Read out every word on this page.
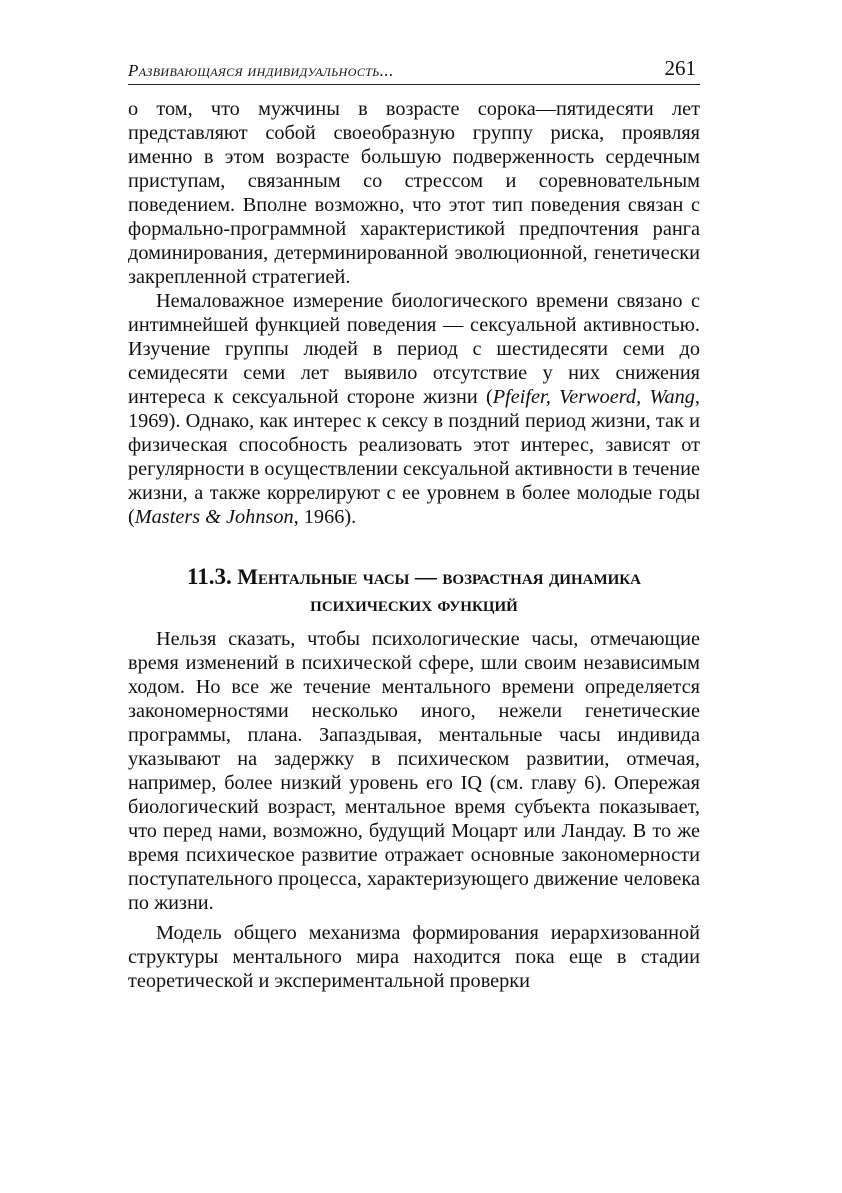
Развивающаяся индивидуальность...	261

о том, что мужчины в возрасте сорока—пятидесяти лет представляют собой своеобразную группу риска, проявляя именно в этом возрасте большую подверженность сердечным приступам, связанным со стрессом и соревновательным поведением. Вполне возможно, что этот тип поведения связан с формально-программной характеристикой предпочтения ранга доминирования, детерминированной эволюционной, генетически закрепленной стратегией.

Немаловажное измерение биологического времени связано с интимнейшей функцией поведения — сексуальной активностью. Изучение группы людей в период с шестидесяти семи до семидесяти семи лет выявило отсутствие у них снижения интереса к сексуальной стороне жизни (Pfeifer, Verwoerd, Wang, 1969). Однако, как интерес к сексу в поздний период жизни, так и физическая способность реализовать этот интерес, зависят от регулярности в осуществлении сексуальной активности в течение жизни, а также коррелируют с ее уровнем в более молодые годы (Masters & Johnson, 1966).

11.3. Ментальные часы — возрастная динамика
психических функций

Нельзя сказать, чтобы психологические часы, отмечающие время изменений в психической сфере, шли своим независимым ходом. Но все же течение ментального времени определяется закономерностями несколько иного, нежели генетические программы, плана. Запаздывая, ментальные часы индивида указывают на задержку в психическом развитии, отмечая, например, более низкий уровень его IQ (см. главу 6). Опережая биологический возраст, ментальное время субъекта показывает, что перед нами, возможно, будущий Моцарт или Ландау. В то же время психическое развитие отражает основные закономерности поступательного процесса, характеризующего движение человека по жизни.

Модель общего механизма формирования иерархизованной структуры ментального мира находится пока еще в стадии теоретической и экспериментальной проверки
